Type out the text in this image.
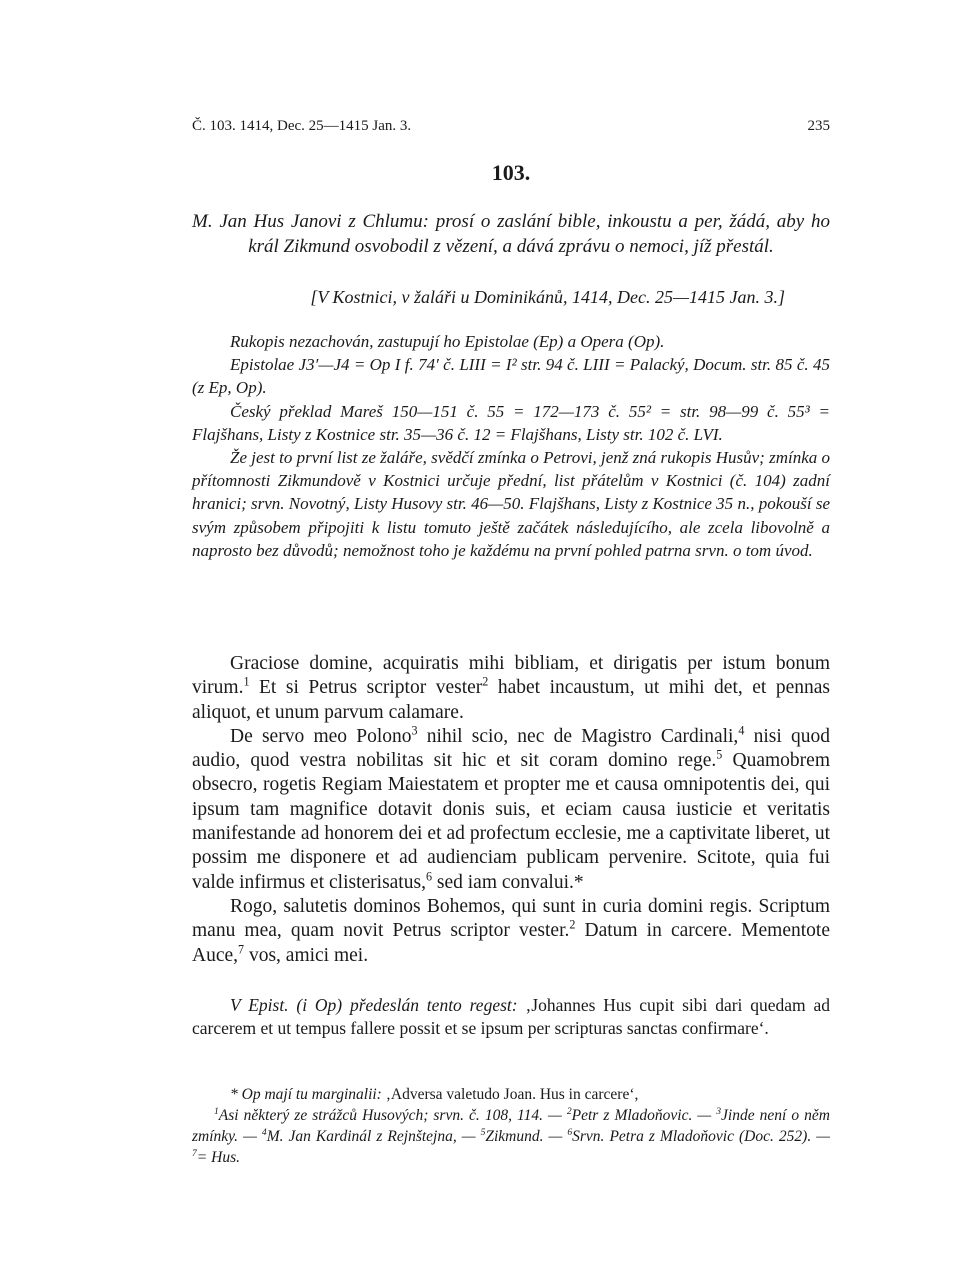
Č. 103. 1414, Dec. 25—1415 Jan. 3.	235
103.
M. Jan Hus Janovi z Chlumu: prosí o zaslání bible, inkoustu a per, žádá, aby ho král Zikmund osvobodil z vězení, a dává zprávu o nemoci, jíž přestál.
[V Kostnici, v žaláři u Dominikánů, 1414, Dec. 25—1415 Jan. 3.]

Rukopis nezachován, zastupují ho Epistolae (Ep) a Opera (Op).

Epistolae J3′—J4 = Op I f. 74′ č. LIII = I² str. 94 č. LIII = Palacký, Docum. str. 85 č. 45 (z Ep, Op).

Český překlad Mareš 150—151 č. 55 = 172—173 č. 55² = str. 98—99 č. 55³ = Flajšhans, Listy z Kostnice str. 35—36 č. 12 = Flajšhans, Listy str. 102 č. LVI.

Že jest to první list ze žaláře, svědčí zmínka o Petrovi, jenž zná rukopis Husův; zmínka o přítomnosti Zikmundově v Kostnici určuje přední, list přátelům v Kostnici (č. 104) zadní hranici; srvn. Novotný, Listy Husovy str. 46—50. Flajšhans, Listy z Kostnice 35 n., pokouší se svým způsobem připojiti k listu tomuto ještě začátek následujícího, ale zcela libovolně a naprosto bez důvodů; nemožnost toho je každému na první pohled patrna srvn. o tom úvod.

Graciose domine, acquiratis mihi bibliam, et dirigatis per istum bonum virum.$^1$ Et si Petrus scriptor vester$^2$ habet incaustum, ut mihi det, et pennas aliquot, et unum parvum calamare.

De servo meo Polono$^3$ nihil scio, nec de Magistro Cardinali,$^4$ nisi quod audio, quod vestra nobilitas sit hic et sit coram domino rege.$^5$ Quamobrem obsecro, rogetis Regiam Maiestatem et propter me et causa omnipotentis dei, qui ipsum tam magnifice dotavit donis suis, et eciam causa iusticie et veritatis manifestande ad honorem dei et ad profectum ecclesie, me a captivitate liberet, ut possim me disponere et ad audienciam publicam pervenire. Scitote, quia fui valde infirmus et clisterisatus,$^6$ sed iam convalui.*

Rogo, salutetis dominos Bohemos, qui sunt in curia domini regis. Scriptum manu mea, quam novit Petrus scriptor vester.$^2$ Datum in carcere. Mementote Auce,$^7$ vos, amici mei.

V Epist. (i Op) předeslán tento regest: ‚Johannes Hus cupit sibi dari quedam ad carcerem et ut tempus fallere possit et se ipsum per scripturas sanctas confirmare‘.

* Op mají tu marginalii: ‚Adversa valetudo Joan. Hus in carcere‘,

$^1$Asi některý ze strážců Husových; srvn. č. 108, 114. — $^2$Petr z Mladoňovic. — $^3$Jinde není o něm zmínky. — $^4$M. Jan Kardinál z Rejnštejna, — $^5$Zikmund. — $^6$Srvn. Petra z Mladoňovic (Doc. 252). — $^7$= Hus.
